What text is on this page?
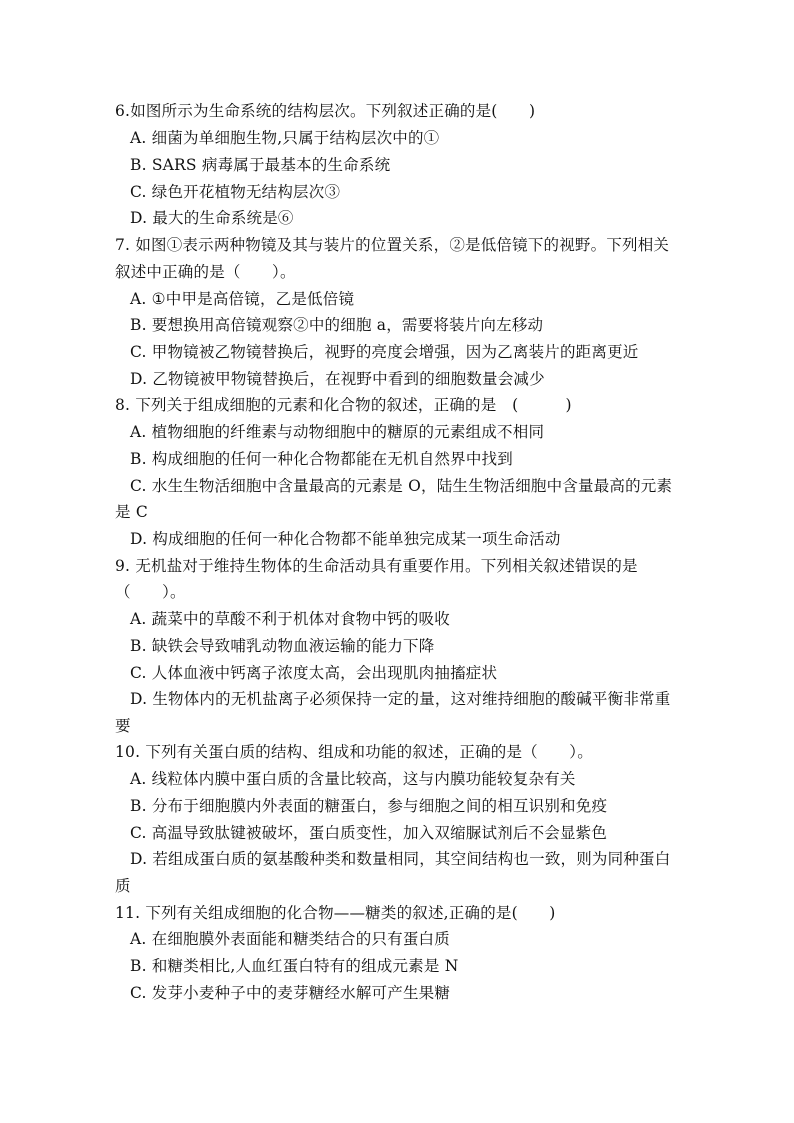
6.如图所示为生命系统的结构层次。下列叙述正确的是(　　)
A. 细菌为单细胞生物,只属于结构层次中的①
B. SARS 病毒属于最基本的生命系统
C. 绿色开花植物无结构层次③
D. 最大的生命系统是⑥
7. 如图①表示两种物镜及其与装片的位置关系，②是低倍镜下的视野。下列相关
叙述中正确的是（　　）。
A. ①中甲是高倍镜，乙是低倍镜
B. 要想换用高倍镜观察②中的细胞 a，需要将装片向左移动
C. 甲物镜被乙物镜替换后，视野的亮度会增强，因为乙离装片的距离更近
D. 乙物镜被甲物镜替换后，在视野中看到的细胞数量会减少
8. 下列关于组成细胞的元素和化合物的叙述，正确的是　(　　　)
A. 植物细胞的纤维素与动物细胞中的糖原的元素组成不相同
B. 构成细胞的任何一种化合物都能在无机自然界中找到
C. 水生生物活细胞中含量最高的元素是 O，陆生生物活细胞中含量最高的元素
是 C
D. 构成细胞的任何一种化合物都不能单独完成某一项生命活动
9. 无机盐对于维持生物体的生命活动具有重要作用。下列相关叙述错误的是
（　　）。
A. 蔬菜中的草酸不利于机体对食物中钙的吸收
B. 缺铁会导致哺乳动物血液运输的能力下降
C. 人体血液中钙离子浓度太高，会出现肌肉抽搐症状
D. 生物体内的无机盐离子必须保持一定的量，这对维持细胞的酸碱平衡非常重
要
10. 下列有关蛋白质的结构、组成和功能的叙述，正确的是（　　）。
A. 线粒体内膜中蛋白质的含量比较高，这与内膜功能较复杂有关
B. 分布于细胞膜内外表面的糖蛋白，参与细胞之间的相互识别和免疫
C. 高温导致肽键被破坏，蛋白质变性，加入双缩脲试剂后不会显紫色
D. 若组成蛋白质的氨基酸种类和数量相同，其空间结构也一致，则为同种蛋白
质
11. 下列有关组成细胞的化合物——糖类的叙述,正确的是(　　)
A. 在细胞膜外表面能和糖类结合的只有蛋白质
B. 和糖类相比,人血红蛋白特有的组成元素是 N
C. 发芽小麦种子中的麦芽糖经水解可产生果糖
